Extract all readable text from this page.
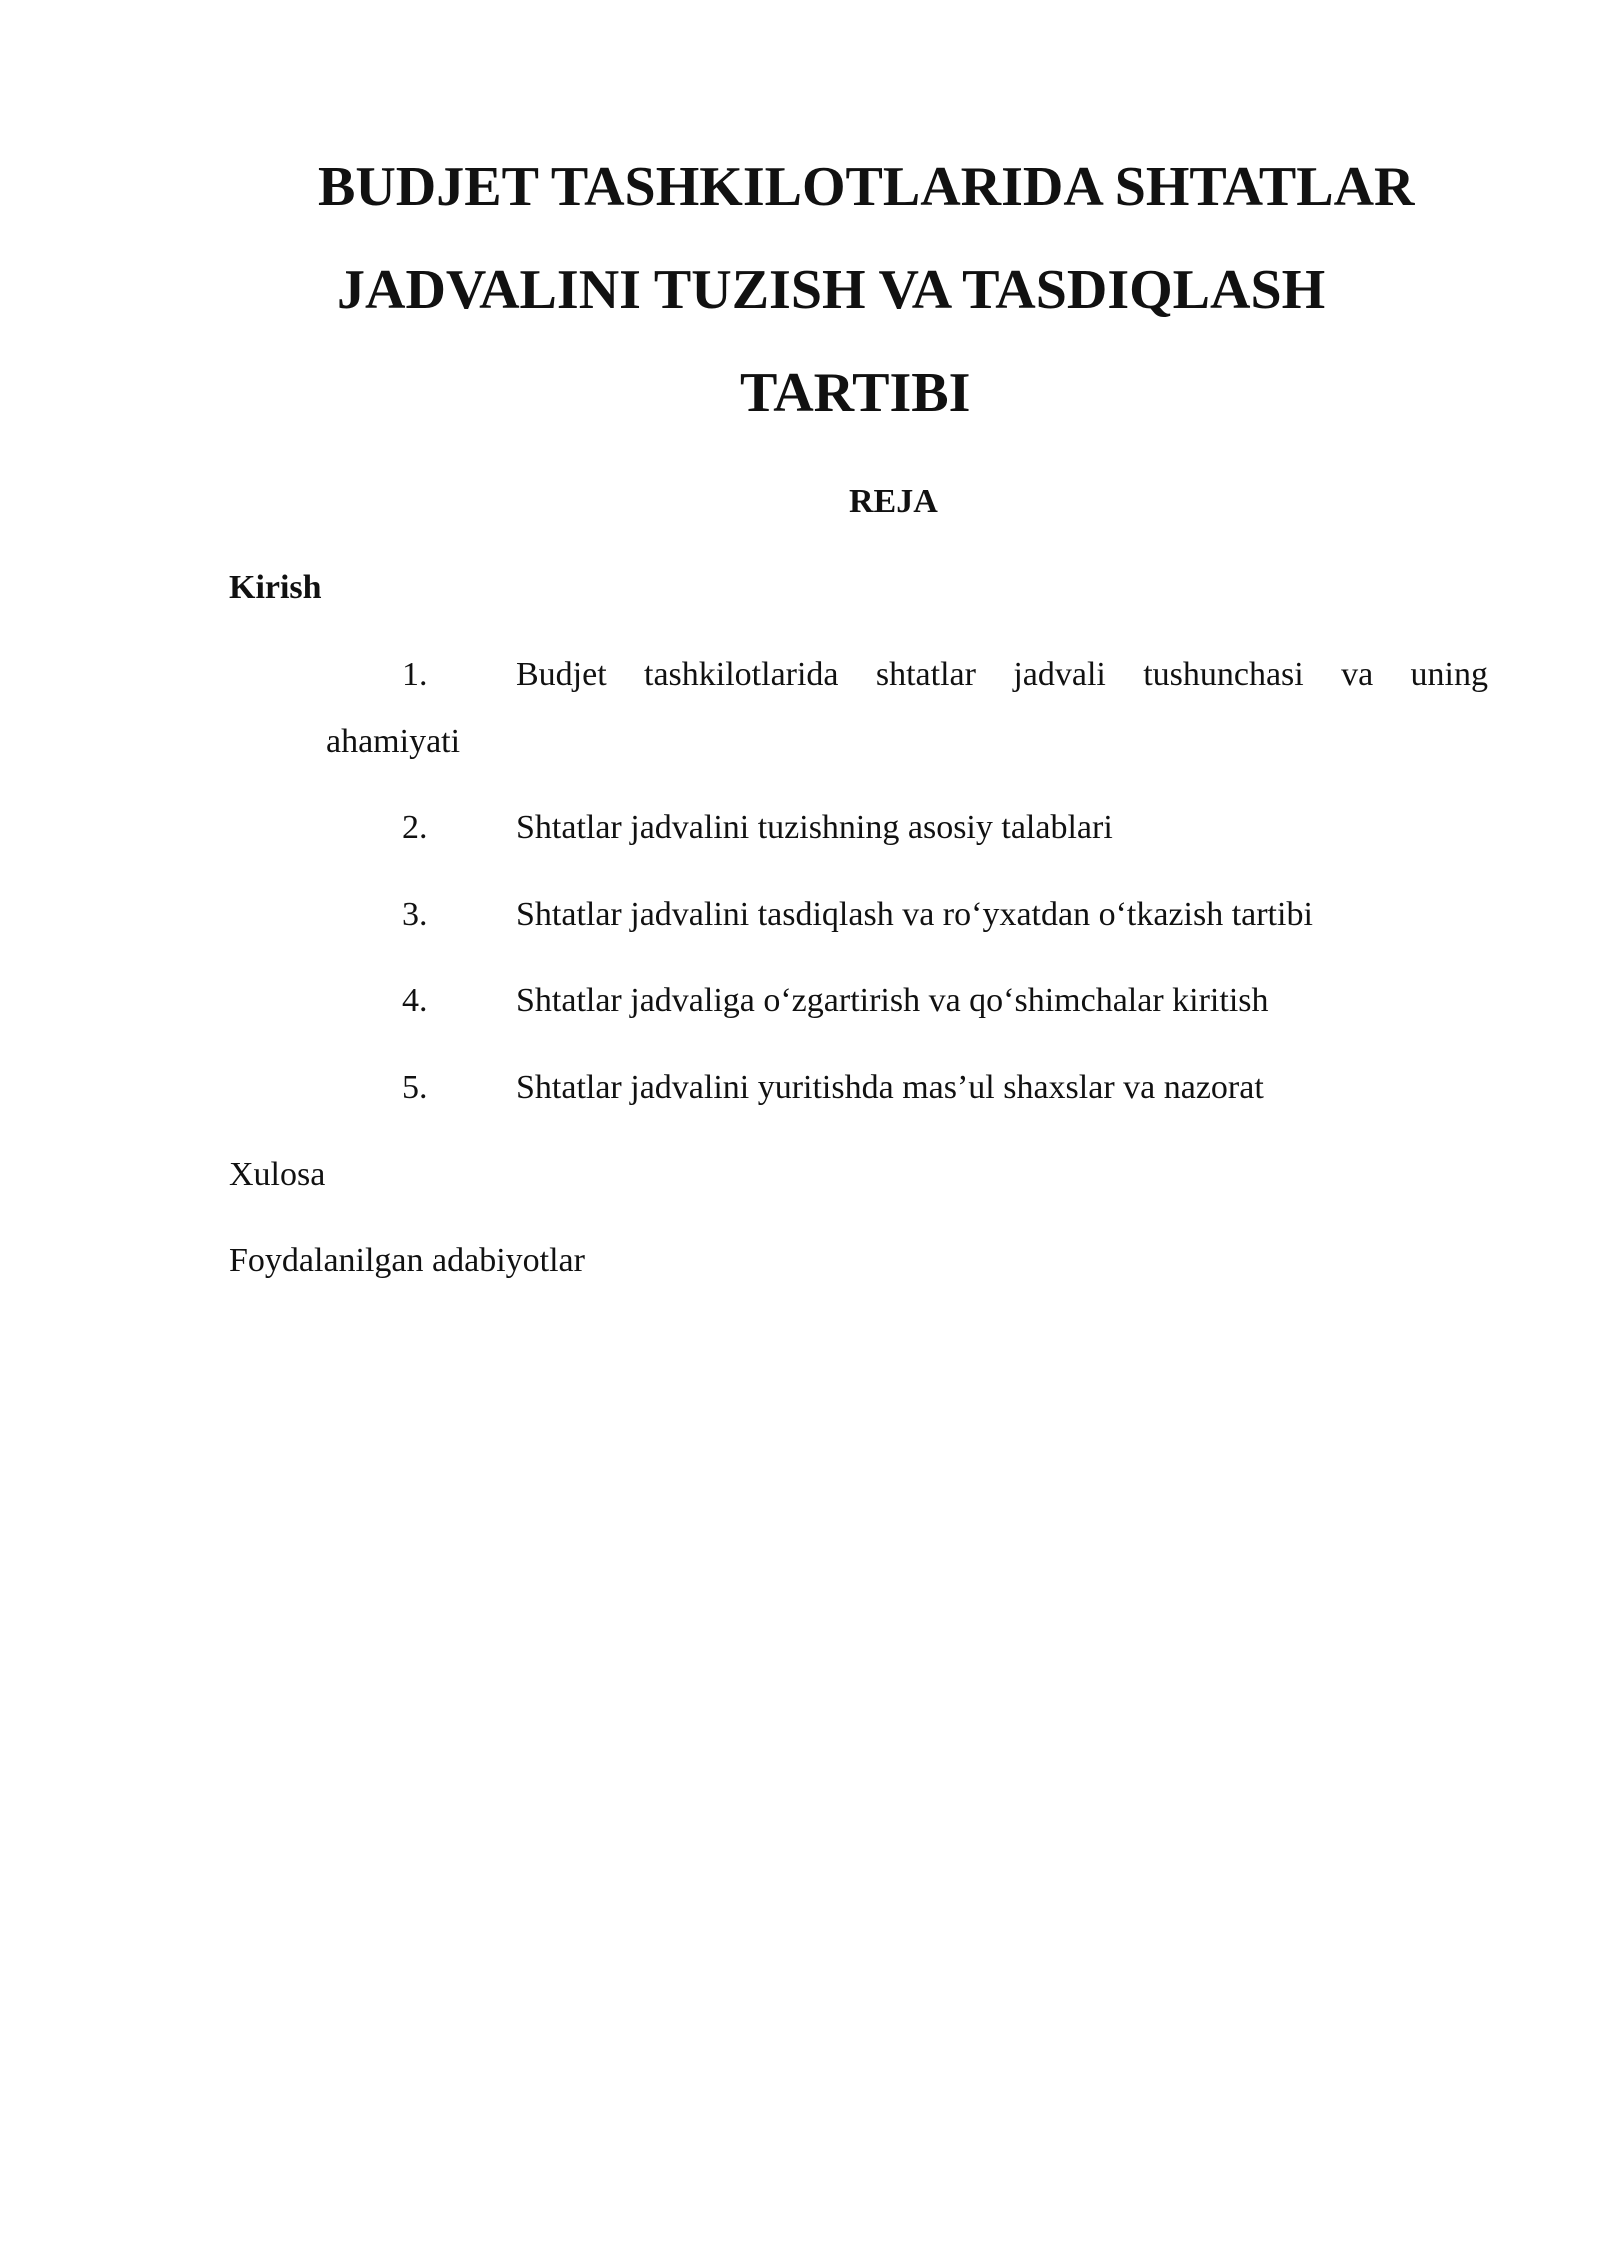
BUDJET TASHKILOTLARIDA SHTATLAR
JADVALINI TUZISH VA TASDIQLASH
TARTIBI
REJA
Kirish
1.	Budjet tashkilotlarida shtatlar jadvali tushunchasi va uning
ahamiyati
2.	Shtatlar jadvalini tuzishning asosiy talablari
3.	Shtatlar jadvalini tasdiqlash va ro‘yxatdan o‘tkazish tartibi
4.	Shtatlar jadvaliga o‘zgartirish va qo‘shimchalar kiritish
5.	Shtatlar jadvalini yuritishda mas’ul shaxslar va nazorat
Xulosa
Foydalanilgan adabiyotlar
